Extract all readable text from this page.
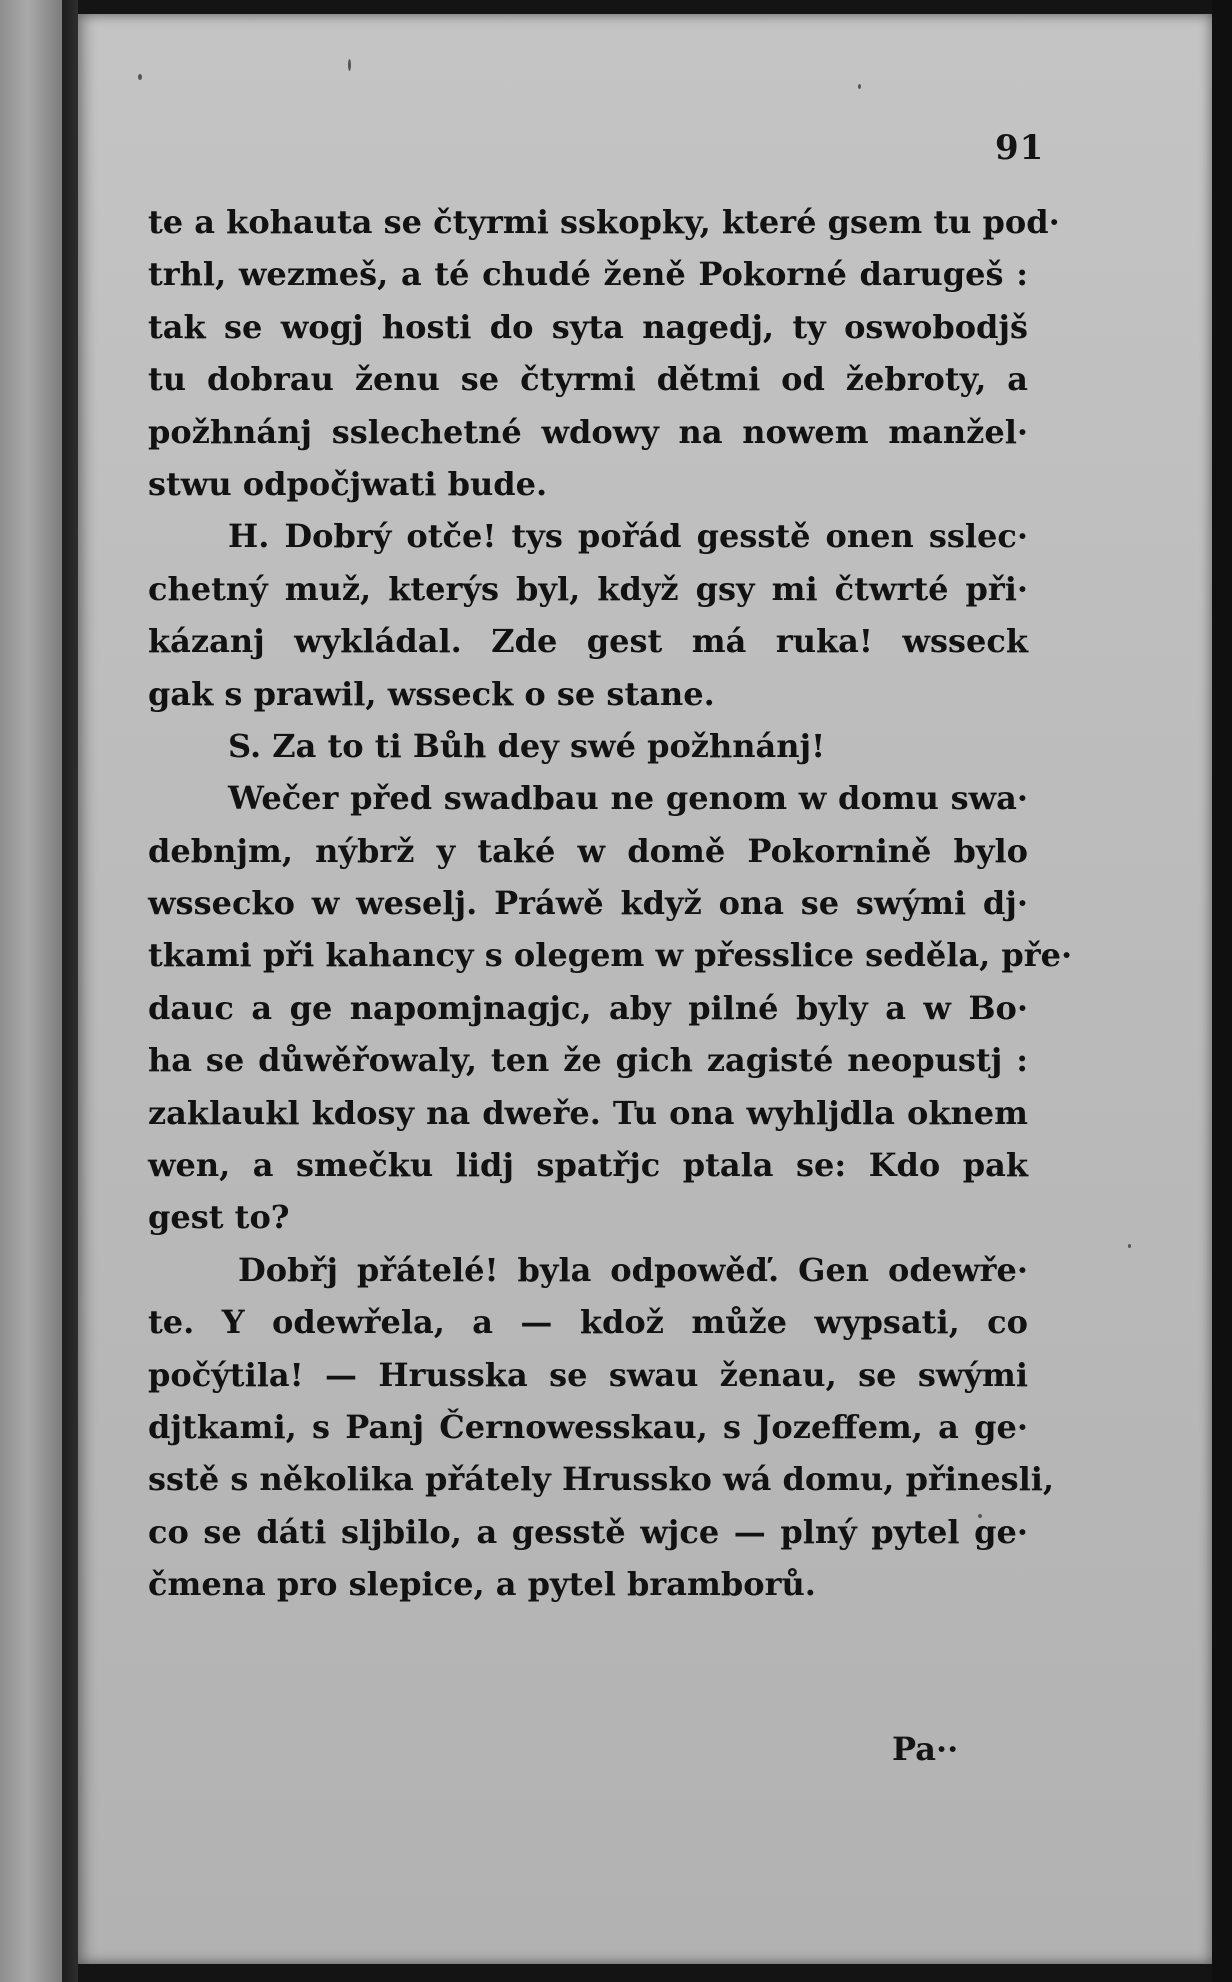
91
te a kohauta se čtyrmi sskopky, které gsem tu pod·
trhl, wezmeš, a té chudé ženě Pokorné darugeš :
tak se wogj hosti do syta nagedj, ty oswobodjš
tu dobrau ženu se čtyrmi dětmi od žebroty, a
požhnánj sslechetné wdowy na nowem manžel·
stwu odpočjwati bude.
H. Dobrý otče! tys pořád gesstě onen sslec·
chetný muž, kterýs byl, když gsy mi čtwrté při·
kázanj wykládal. Zde gest má ruka! wsseck
gak s prawil, wsseck o se stane.
S. Za to ti Bůh dey swé požhnánj!
Wečer před swadbau ne genom w domu swa·
debnjm, nýbrž y také w domě Pokornině bylo
wssecko w weselj. Práwě když ona se swými dj·
tkami při kahancy s olegem w přesslice seděla, pře·
dauc a ge napomjnagjc, aby pilné byly a w Bo·
ha se důwěřowaly, ten že gich zagisté neopustj :
zaklaukl kdosy na dweře. Tu ona wyhljdla oknem
wen, a smečku lidj spatřjc ptala se: Kdo pak
gest to?
Dobřj přátelé! byla odpowěď. Gen odewře·
te. Y odewřela, a — kdož může wypsati, co
počýtila! — Hrusska se swau ženau, se swými
djtkami, s Panj Černowesskau, s Jozeffem, a ge·
sstě s několika přátely Hrussko wá domu, přinesli,
co se dáti sljbilo, a gesstě wjce — plný pytel ge·
čmena pro slepice, a pytel bramborů.
Pa··
